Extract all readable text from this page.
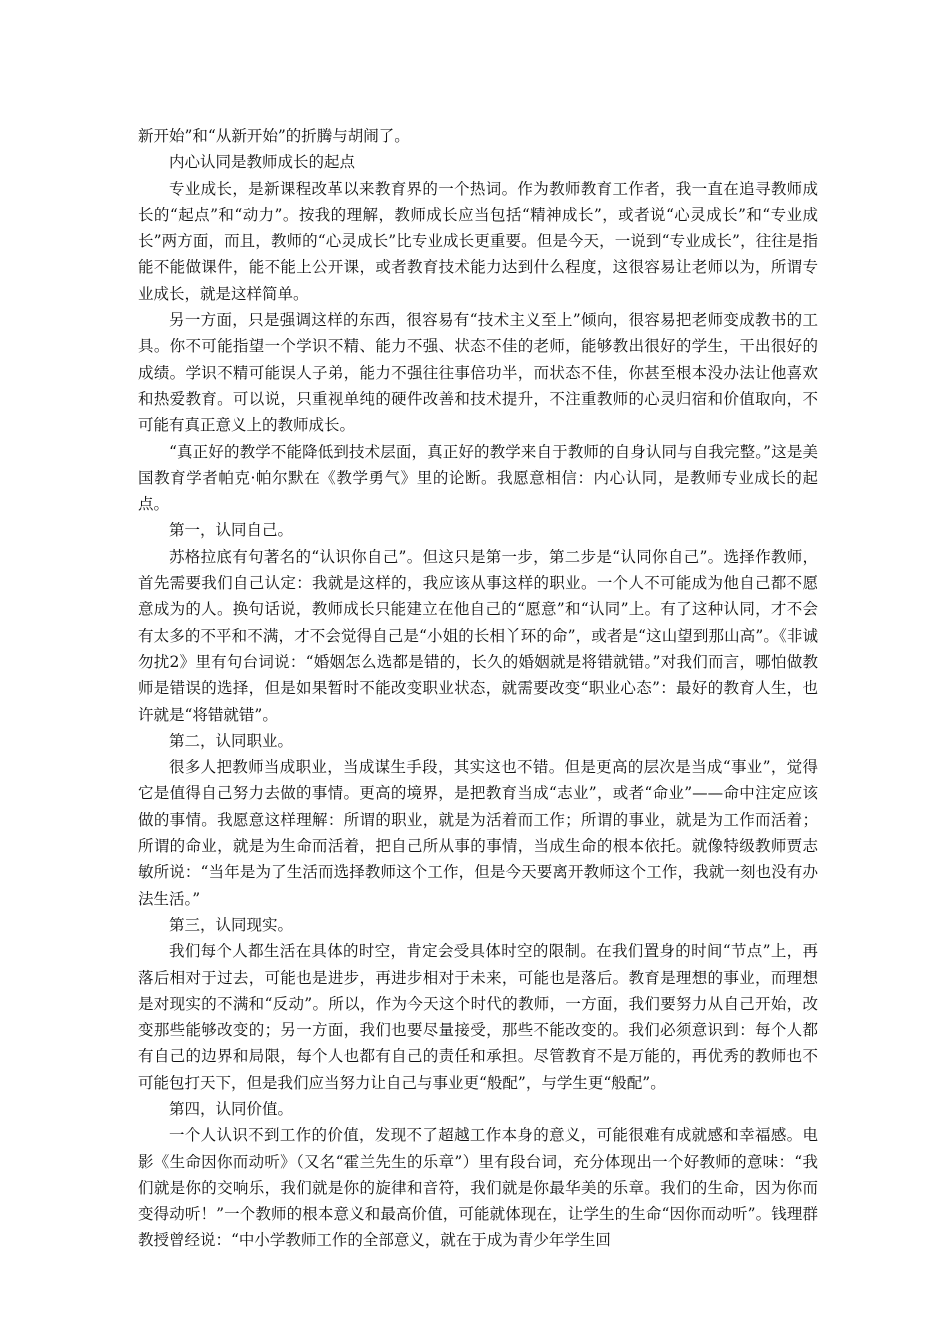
新开始”和“从新开始”的折腾与胡闹了。

内心认同是教师成长的起点

专业成长，是新课程改革以来教育界的一个热词。作为教师教育工作者，我一直在追寻教师成长的“起点”和“动力”。按我的理解，教师成长应当包括“精神成长”，或者说“心灵成长”和“专业成长”两方面，而且，教师的“心灵成长”比专业成长更重要。但是今天，一说到“专业成长”，往往是指能不能做课件，能不能上公开课，或者教育技术能力达到什么程度，这很容易让老师以为，所谓专业成长，就是这样简单。

另一方面，只是强调这样的东西，很容易有“技术主义至上”倾向，很容易把老师变成教书的工具。你不可能指望一个学识不精、能力不强、状态不佳的老师，能够教出很好的学生，干出很好的成绩。学识不精可能误人子弟，能力不强往往事倍功半，而状态不佳，你甚至根本没办法让他喜欢和热爱教育。可以说，只重视单纯的硬件改善和技术提升，不注重教师的心灵归宿和价值取向，不可能有真正意义上的教师成长。

“真正好的教学不能降低到技术层面，真正好的教学来自于教师的自身认同与自我完整。”这是美国教育学者帕克·帕尔默在《教学勇气》里的论断。我愿意相信：内心认同，是教师专业成长的起点。

第一，认同自己。

苏格拉底有句著名的“认识你自己”。但这只是第一步，第二步是“认同你自己”。选择作教师，首先需要我们自己认定：我就是这样的，我应该从事这样的职业。一个人不可能成为他自己都不愿意成为的人。换句话说，教师成长只能建立在他自己的“愿意”和“认同”上。有了这种认同，才不会有太多的不平和不满，才不会觉得自己是“小姐的长相丫环的命”，或者是“这山望到那山高”。《非诚勿扰2》里有句台词说：“婚姻怎么选都是错的，长久的婚姻就是将错就错。”对我们而言，哪怕做教师是错误的选择，但是如果暂时不能改变职业状态，就需要改变“职业心态”：最好的教育人生，也许就是“将错就错”。

第二，认同职业。

很多人把教师当成职业，当成谋生手段，其实这也不错。但是更高的层次是当成“事业”，觉得它是值得自己努力去做的事情。更高的境界，是把教育当成“志业”，或者“命业”——命中注定应该做的事情。我愿意这样理解：所谓的职业，就是为活着而工作；所谓的事业，就是为工作而活着；所谓的命业，就是为生命而活着，把自己所从事的事情，当成生命的根本依托。就像特级教师贾志敏所说：“当年是为了生活而选择教师这个工作，但是今天要离开教师这个工作，我就一刻也没有办法生活。”

第三，认同现实。

我们每个人都生活在具体的时空，肯定会受具体时空的限制。在我们置身的时间“节点”上，再落后相对于过去，可能也是进步，再进步相对于未来，可能也是落后。教育是理想的事业，而理想是对现实的不满和“反动”。所以，作为今天这个时代的教师，一方面，我们要努力从自己开始，改变那些能够改变的；另一方面，我们也要尽量接受，那些不能改变的。我们必须意识到：每个人都有自己的边界和局限，每个人也都有自己的责任和承担。尽管教育不是万能的，再优秀的教师也不可能包打天下，但是我们应当努力让自己与事业更“般配”，与学生更“般配”。

第四，认同价值。

一个人认识不到工作的价值，发现不了超越工作本身的意义，可能很难有成就感和幸福感。电影《生命因你而动听》（又名“霍兰先生的乐章”）里有段台词，充分体现出一个好教师的意味：“我们就是你的交响乐，我们就是你的旋律和音符，我们就是你最华美的乐章。我们的生命，因为你而变得动听！”一个教师的根本意义和最高价值，可能就体现在，让学生的生命“因你而动听”。钱理群教授曾经说：“中小学教师工作的全部意义，就在于成为青少年学生回
